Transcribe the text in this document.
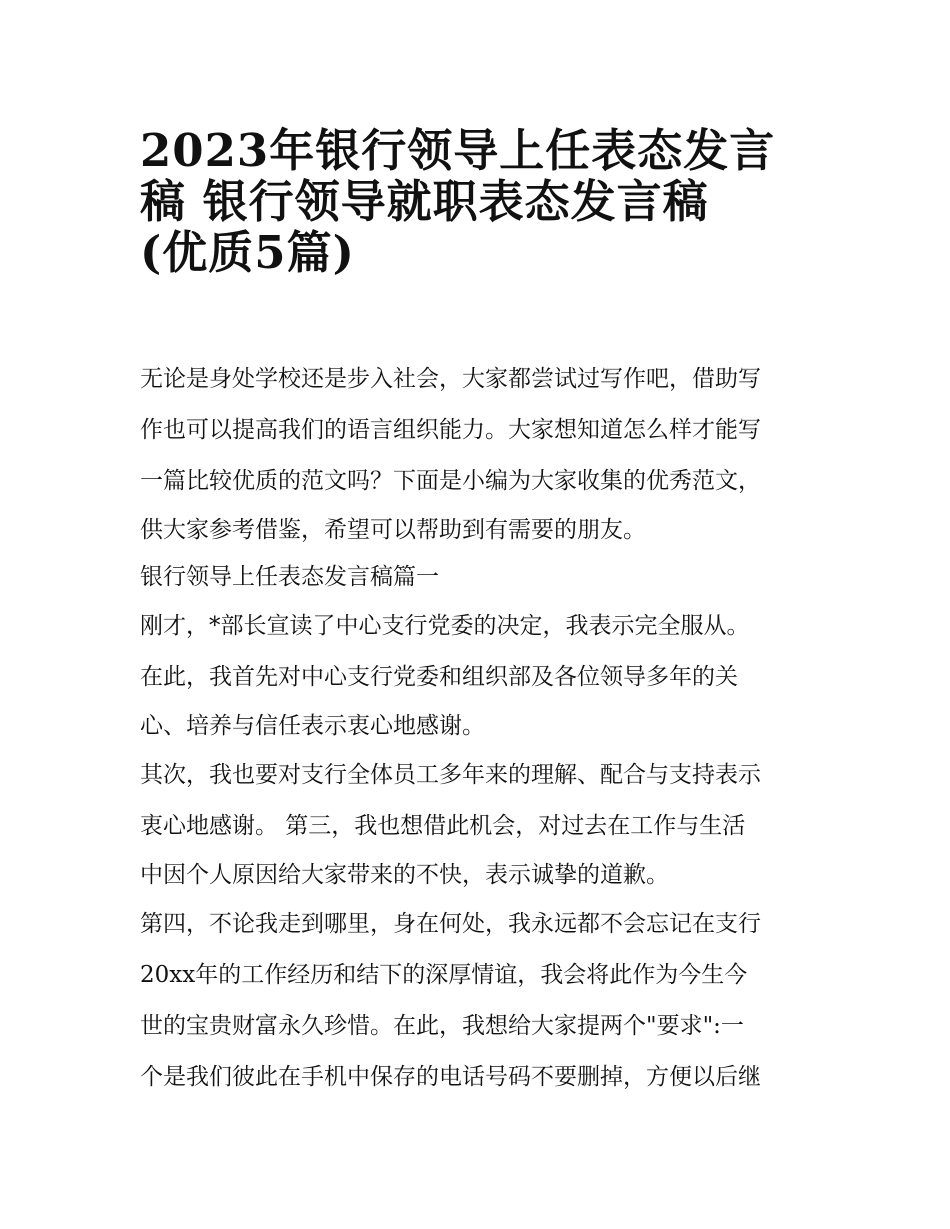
2023年银行领导上任表态发言
稿 银行领导就职表态发言稿
(优质5篇)
无论是身处学校还是步入社会，大家都尝试过写作吧，借助写
作也可以提高我们的语言组织能力。大家想知道怎么样才能写
一篇比较优质的范文吗？下面是小编为大家收集的优秀范文，
供大家参考借鉴，希望可以帮助到有需要的朋友。
银行领导上任表态发言稿篇一
刚才，*部长宣读了中心支行党委的决定，我表示完全服从。
在此，我首先对中心支行党委和组织部及各位领导多年的关
心、培养与信任表示衷心地感谢。
其次，我也要对支行全体员工多年来的理解、配合与支持表示
衷心地感谢。 第三，我也想借此机会，对过去在工作与生活
中因个人原因给大家带来的不快，表示诚挚的道歉。
第四，不论我走到哪里，身在何处，我永远都不会忘记在支行
20xx年的工作经历和结下的深厚情谊，我会将此作为今生今
世的宝贵财富永久珍惜。在此，我想给大家提两个"要求":一
个是我们彼此在手机中保存的电话号码不要删掉，方便以后继
